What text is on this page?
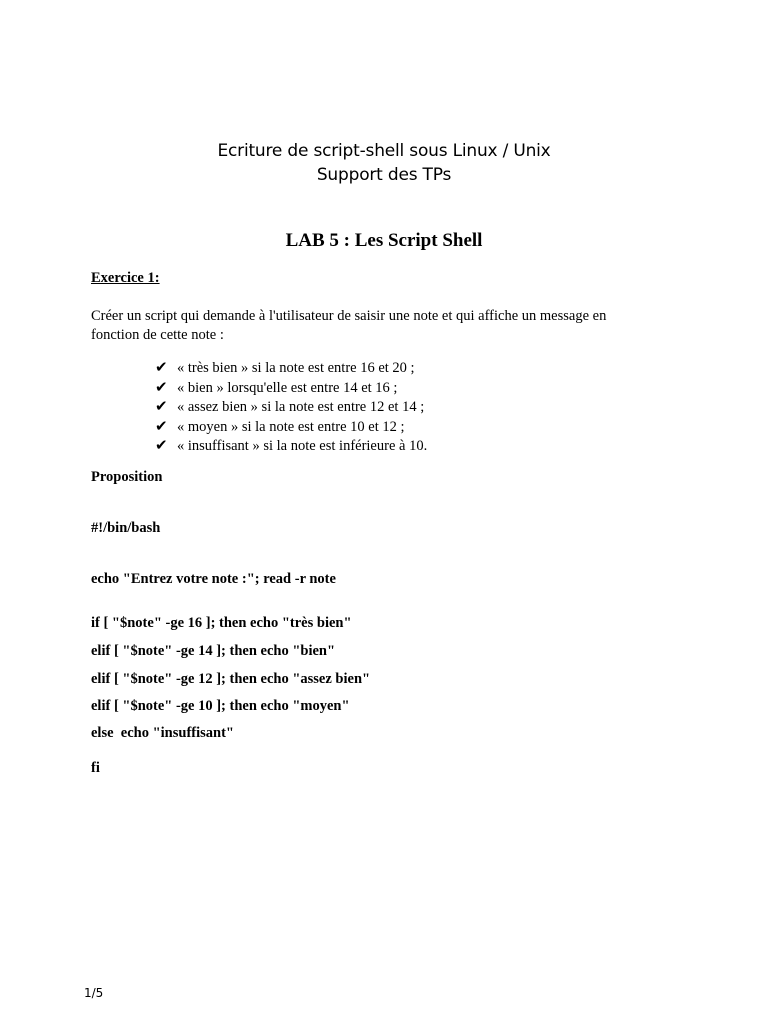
Ecriture de script-shell sous Linux / Unix
Support des TPs
LAB 5 : Les Script Shell
Exercice 1:
Créer un script qui demande à l'utilisateur de saisir une note et qui affiche un message en
fonction de cette note :
✔ « très bien » si la note est entre 16 et 20 ;
✔ « bien » lorsqu'elle est entre 14 et 16 ;
✔ « assez bien » si la note est entre 12 et 14 ;
✔ « moyen » si la note est entre 10 et 12 ;
✔ « insuffisant » si la note est inférieure à 10.
Proposition
#!/bin/bash
echo "Entrez votre note :"; read -r note
if [ "$note" -ge 16 ]; then echo "très bien"
elif [ "$note" -ge 14 ]; then echo "bien"
elif [ "$note" -ge 12 ]; then echo "assez bien"
elif [ "$note" -ge 10 ]; then echo "moyen"
else  echo "insuffisant"
fi
1/5
